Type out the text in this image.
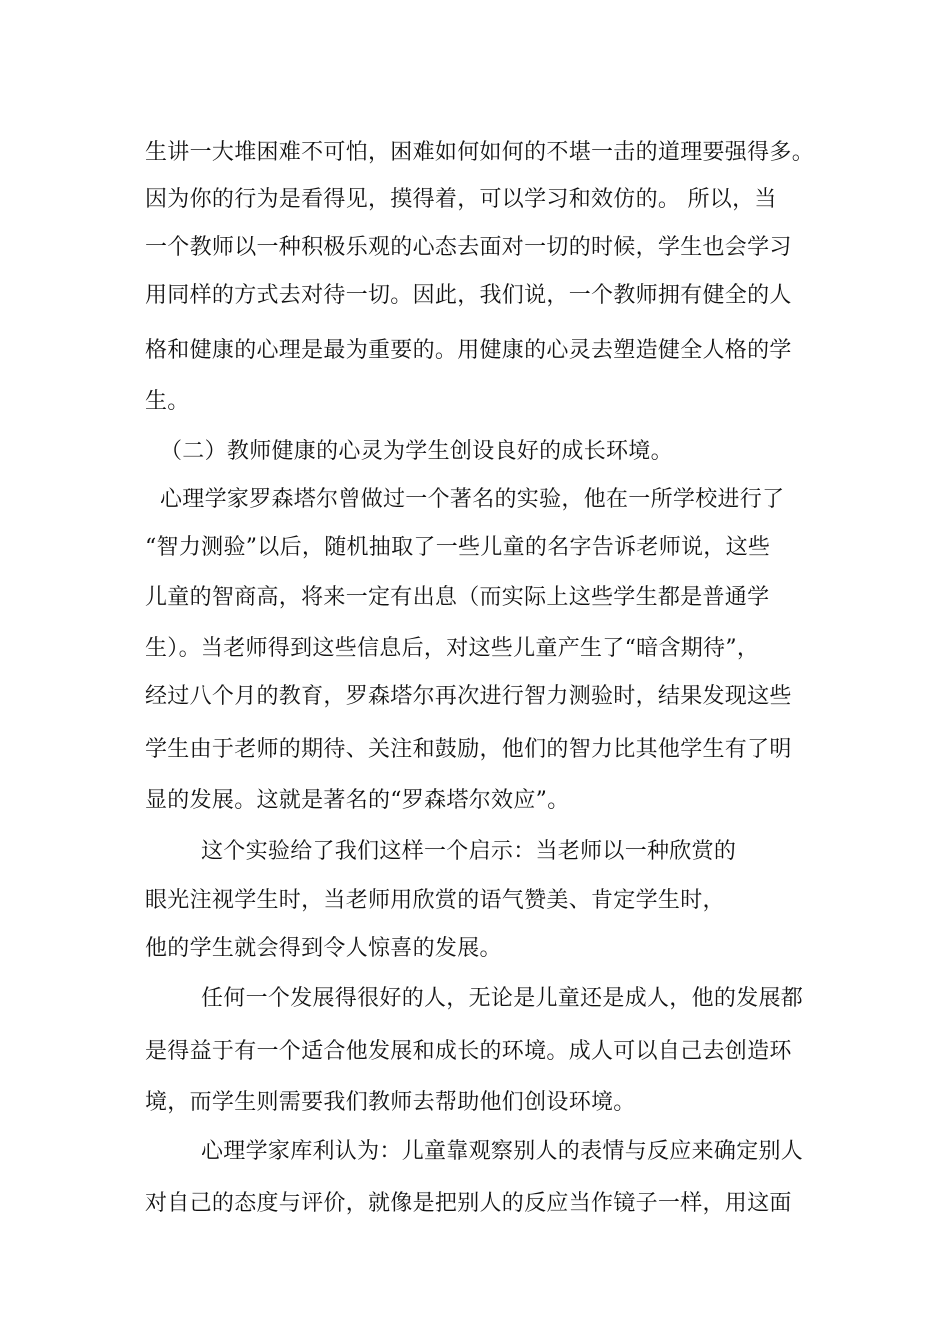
生讲一大堆困难不可怕，困难如何如何的不堪一击的道理要强得多。
因为你的行为是看得见，摸得着，可以学习和效仿的。 所以，当
一个教师以一种积极乐观的心态去面对一切的时候，学生也会学习
用同样的方式去对待一切。因此，我们说，一个教师拥有健全的人
格和健康的心理是最为重要的。用健康的心灵去塑造健全人格的学
生。
（二）教师健康的心灵为学生创设良好的成长环境。
心理学家罗森塔尔曾做过一个著名的实验，他在一所学校进行了
“智力测验”以后，随机抽取了一些儿童的名字告诉老师说，这些
儿童的智商高，将来一定有出息（而实际上这些学生都是普通学
生）。当老师得到这些信息后，对这些儿童产生了“暗含期待”，
经过八个月的教育，罗森塔尔再次进行智力测验时，结果发现这些
学生由于老师的期待、关注和鼓励，他们的智力比其他学生有了明
显的发展。这就是著名的“罗森塔尔效应”。
这个实验给了我们这样一个启示：当老师以一种欣赏的
眼光注视学生时，当老师用欣赏的语气赞美、肯定学生时，
他的学生就会得到令人惊喜的发展。
任何一个发展得很好的人，无论是儿童还是成人，他的发展都
是得益于有一个适合他发展和成长的环境。成人可以自己去创造环
境，而学生则需要我们教师去帮助他们创设环境。
心理学家库利认为：儿童靠观察别人的表情与反应来确定别人
对自己的态度与评价，就像是把别人的反应当作镜子一样，用这面
